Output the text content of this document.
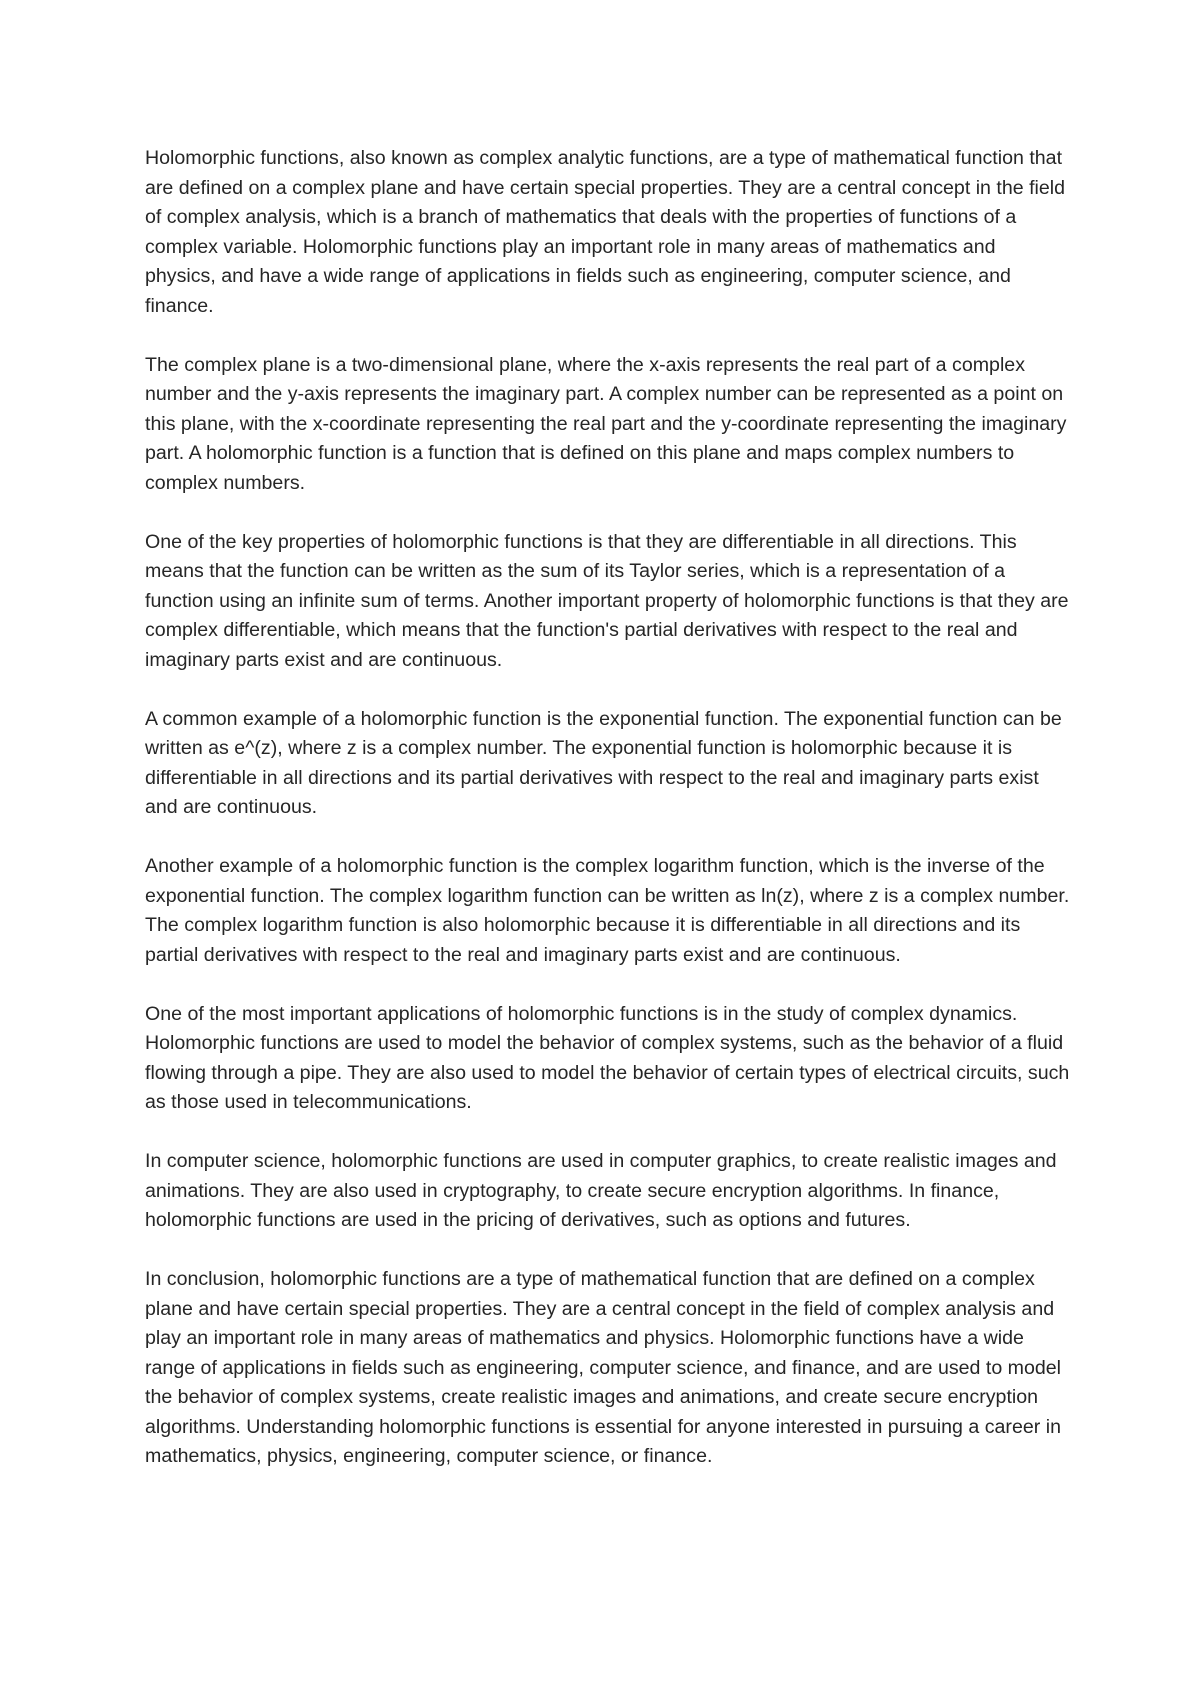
Holomorphic functions, also known as complex analytic functions, are a type of mathematical function that are defined on a complex plane and have certain special properties. They are a central concept in the field of complex analysis, which is a branch of mathematics that deals with the properties of functions of a complex variable. Holomorphic functions play an important role in many areas of mathematics and physics, and have a wide range of applications in fields such as engineering, computer science, and finance.

The complex plane is a two-dimensional plane, where the x-axis represents the real part of a complex number and the y-axis represents the imaginary part. A complex number can be represented as a point on this plane, with the x-coordinate representing the real part and the y-coordinate representing the imaginary part. A holomorphic function is a function that is defined on this plane and maps complex numbers to complex numbers.

One of the key properties of holomorphic functions is that they are differentiable in all directions. This means that the function can be written as the sum of its Taylor series, which is a representation of a function using an infinite sum of terms. Another important property of holomorphic functions is that they are complex differentiable, which means that the function's partial derivatives with respect to the real and imaginary parts exist and are continuous.

A common example of a holomorphic function is the exponential function. The exponential function can be written as e^(z), where z is a complex number. The exponential function is holomorphic because it is differentiable in all directions and its partial derivatives with respect to the real and imaginary parts exist and are continuous.

Another example of a holomorphic function is the complex logarithm function, which is the inverse of the exponential function. The complex logarithm function can be written as ln(z), where z is a complex number. The complex logarithm function is also holomorphic because it is differentiable in all directions and its partial derivatives with respect to the real and imaginary parts exist and are continuous.

One of the most important applications of holomorphic functions is in the study of complex dynamics. Holomorphic functions are used to model the behavior of complex systems, such as the behavior of a fluid flowing through a pipe. They are also used to model the behavior of certain types of electrical circuits, such as those used in telecommunications.

In computer science, holomorphic functions are used in computer graphics, to create realistic images and animations. They are also used in cryptography, to create secure encryption algorithms. In finance, holomorphic functions are used in the pricing of derivatives, such as options and futures.

In conclusion, holomorphic functions are a type of mathematical function that are defined on a complex plane and have certain special properties. They are a central concept in the field of complex analysis and play an important role in many areas of mathematics and physics. Holomorphic functions have a wide range of applications in fields such as engineering, computer science, and finance, and are used to model the behavior of complex systems, create realistic images and animations, and create secure encryption algorithms. Understanding holomorphic functions is essential for anyone interested in pursuing a career in mathematics, physics, engineering, computer science, or finance.
